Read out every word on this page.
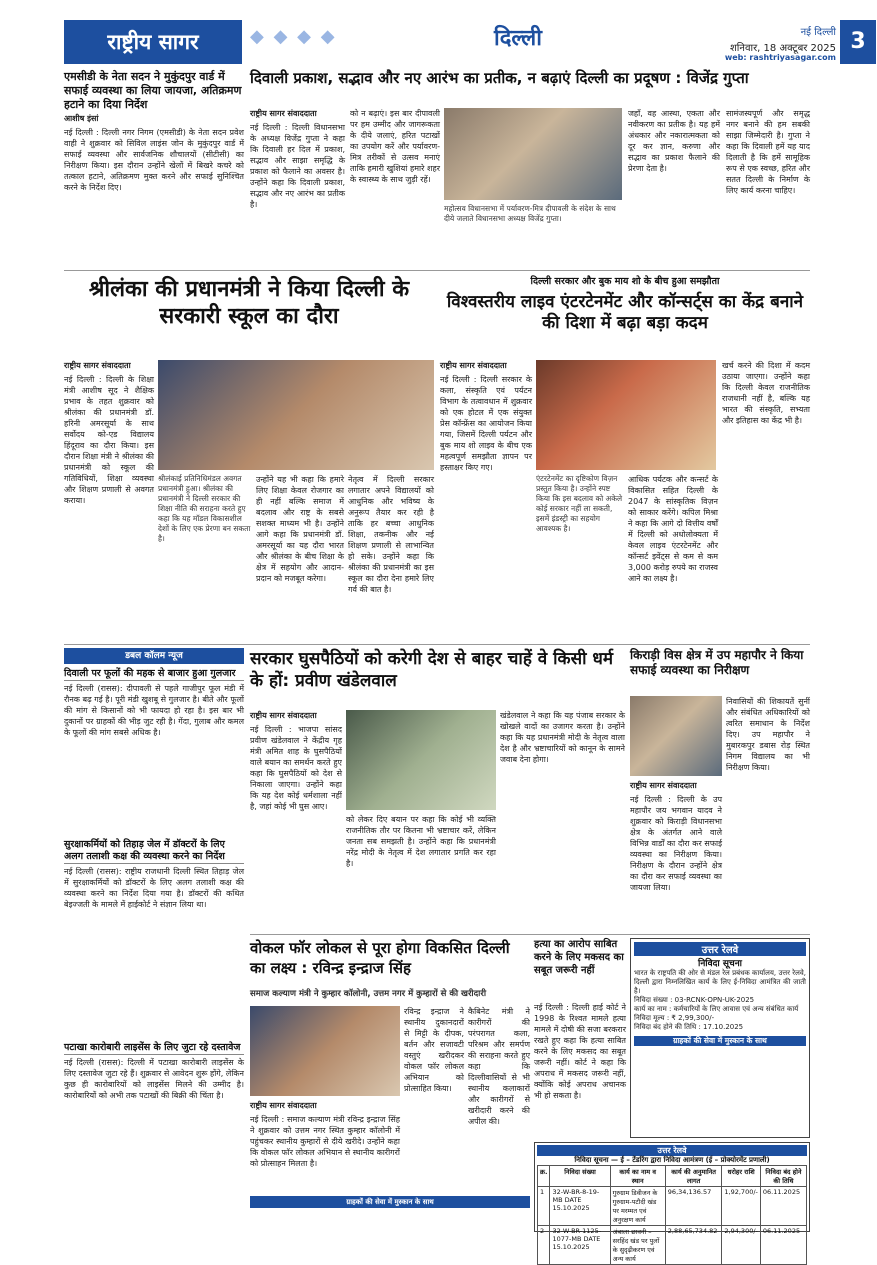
राष्ट्रीय सागर	◆ ◆ ◆ ◆	दिल्ली	नई दिल्ली
शनिवार, 18 अक्टूबर 2025
web: rashtriyasagar.com
3
एमसीडी के नेता सदन ने मुकुंदपुर वार्ड में सफाई व्यवस्था का लिया जायजा, अतिक्रमण हटाने का दिया निर्देश
आशीष इंसां
नई दिल्ली : दिल्ली नगर निगम (एमसीडी) के नेता सदन प्रवेश वाही ने शुक्रवार को सिविल लाइंस जोन के मुकुंदपुर वार्ड में सफाई व्यवस्था और सार्वजनिक शौचालयों (सीटीसी) का निरीक्षण किया। इस दौरान उन्होंने खेलों में बिखरे कचरे को तत्काल हटाने, अतिक्रमण मुक्त करने और सफाई सुनिश्चित करने के निर्देश दिए।
दिवाली प्रकाश, सद्भाव और नए आरंभ का प्रतीक, न बढ़ाएं दिल्ली का प्रदूषण : विजेंद्र गुप्ता
राष्ट्रीय सागर संवाददाता
नई दिल्ली : दिल्ली विधानसभा के अध्यक्ष विजेंद्र गुप्ता ने कहा कि दिवाली हर दिल में प्रकाश, सद्भाव और साझा समृद्धि के प्रकाश को फैलाने का अवसर है। उन्होंने कहा कि दिवाली प्रकाश, सद्भाव और नए आरंभ का प्रतीक है।
को न बढ़ाएं। इस बार दीपावली पर हम उम्मीद और जागरूकता के दीये जलाएं, हरित पटाखों का उपयोग करें और पर्यावरण-मित्र तरीकों से उत्सव मनाएं ताकि हमारी खुशियां हमारे शहर के स्वास्थ्य के साथ जुड़ी रहें।
महोत्सव विधानसभा में पर्यावरण-मित्र दीपावली के संदेश के साथ दीये जलाते विधानसभा अध्यक्ष विजेंद्र गुप्ता।
जहाँ, वह आस्था, एकता और नवीकरण का प्रतीक है। यह हमें अंधकार और नकारात्मकता को दूर कर ज्ञान, करुणा और सद्भाव का प्रकाश फैलाने की प्रेरणा देता है।
सामंजस्यपूर्ण और समृद्ध नगर बनाने की हम सबकी साझा जिम्मेदारी है। गुप्ता ने कहा कि दिवाली हमें यह याद दिलाती है कि हमें सामूहिक रूप से एक स्वच्छ, हरित और सतत दिल्ली के निर्माण के लिए कार्य करना चाहिए।
श्रीलंका की प्रधानमंत्री ने किया दिल्ली के सरकारी स्कूल का दौरा
राष्ट्रीय सागर संवाददाता
नई दिल्ली : दिल्ली के शिक्षा मंत्री आशीष सूद ने शैक्षिक प्रभाव के तहत शुक्रवार को श्रीलंका की प्रधानमंत्री डॉ. हरिनी अमरसूर्या के साथ सर्वोदय को-एड विद्यालय हिंदूराव का दौरा किया। इस दौरान शिक्षा मंत्री ने श्रीलंका की प्रधानमंत्री को स्कूल की गतिविधियों, शिक्षा व्यवस्था और शिक्षण प्रणाली से अवगत कराया।
श्रीलंकाई प्रतिनिधिमंडल अवगत प्रधानमंत्री हुआ। श्रीलंका की प्रधानमंत्री ने दिल्ली सरकार की शिक्षा नीति की सराहना करते हुए कहा कि यह मॉडल विकासशील देशों के लिए एक प्रेरणा बन सकता है।
उन्होंने यह भी कहा कि हमारे लिए शिक्षा केवल रोजगार का ही नहीं बल्कि समाज में बदलाव और राष्ट्र के सबसे सशक्त माध्यम भी है। उन्होंने आगे कहा कि प्रधानमंत्री डॉ. अमरसूर्या का यह दौरा भारत और श्रीलंका के बीच शिक्षा के क्षेत्र में सहयोग और आदान-प्रदान को मजबूत करेगा।
नेतृत्व में दिल्ली सरकार लगातार अपने विद्यालयों को आधुनिक और भविष्य के अनुरूप तैयार कर रही है ताकि हर बच्चा आधुनिक शिक्षा, तकनीक और नई शिक्षण प्रणाली से लाभान्वित हो सके। उन्होंने कहा कि श्रीलंका की प्रधानमंत्री का इस स्कूल का दौरा देना हमारे लिए गर्व की बात है।
दिल्ली सरकार और बुक माय शो के बीच हुआ समझौता
विश्वस्तरीय लाइव एंटरटेनमेंट और कॉन्सर्ट्स का केंद्र बनाने की दिशा में बढ़ा बड़ा कदम
राष्ट्रीय सागर संवाददाता
नई दिल्ली : दिल्ली सरकार के कला, संस्कृति एवं पर्यटन विभाग के तत्वावधान में शुक्रवार को एक होटल में एक संयुक्त प्रेस कॉन्फ्रेंस का आयोजन किया गया, जिसमें दिल्ली पर्यटन और बुक माय शो लाइव के बीच एक महत्वपूर्ण समझौता ज्ञापन पर हस्ताक्षर किए गए।
एंटरटेनमेंट का दृष्टिकोण विज़न प्रस्तुत किया है। उन्होंने स्पष्ट किया कि इस बदलाव को अकेले कोई सरकार नहीं ला सकती, इसमें इंडस्ट्री का सहयोग आवश्यक है।
आधिक पर्यटक और कन्सर्ट के विकासित सहित दिल्ली के 2047 के सांस्कृतिक विज़न को साकार करेंगे। कपिल मिश्रा ने कहा कि आगे दो वित्तीय वर्षों में दिल्ली को अधोलोक्यता में केवल लाइव एंटरटेनमेंट और कॉन्सर्ट इवेंट्स से कम से कम 3,000 करोड़ रुपये का राजस्व आने का लक्ष्य है।
खर्च करने की दिशा में कदम उठाया जाएगा। उन्होंने कहा कि दिल्ली केवल राजनीतिक राजधानी नहीं है, बल्कि यह भारत की संस्कृति, सभ्यता और इतिहास का केंद्र भी है।
डबल कॉलम न्यूज
दिवाली पर फूलों की महक से बाजार हुआ गुलजार
नई दिल्ली (रासस): दीपावली से पहले गाजीपुर फूल मंडी में रौनक बढ़ गई है। पूरी मंडी खुशबू से गुलजार है। बीते और फूलों की मांग से किसानों को भी फायदा हो रहा है। इस बार भी दुकानों पर ग्राहकों की भीड़ जुट रही है। गेंदा, गुलाब और कमल के फूलों की मांग सबसे अधिक है।
सुरक्षाकर्मियों को तिहाड़ जेल में डॉक्टरों के लिए अलग तलाशी कक्ष की व्यवस्था करने का निर्देश
नई दिल्ली (रासस): राष्ट्रीय राजधानी दिल्ली स्थित तिहाड़ जेल में सुरक्षाकर्मियों को डॉक्टरों के लिए अलग तलाशी कक्ष की व्यवस्था करने का निर्देश दिया गया है। डॉक्टरों की कथित बेइज्जती के मामले में हाईकोर्ट ने संज्ञान लिया था।
पटाखा कारोबारी लाइसेंस के लिए जुटा रहे दस्तावेज
नई दिल्ली (रासस): दिल्ली में पटाखा कारोबारी लाइसेंस के लिए दस्तावेज जुटा रहे हैं। शुक्रवार से आवेदन शुरू होंगे, लेकिन कुछ ही कारोबारियों को लाइसेंस मिलने की उम्मीद है। कारोबारियों को अभी तक पटाखों की बिक्री की चिंता है।
सरकार घुसपैठियों को करेगी देश से बाहर चाहें वे किसी धर्म के हों: प्रवीण खंडेलवाल
राष्ट्रीय सागर संवाददाता
नई दिल्ली : भाजपा सांसद प्रवीण खंडेलवाल ने केंद्रीय गृह मंत्री अमित शाह के घुसपैठियों वाले बयान का समर्थन करते हुए कहा कि घुसपैठियों को देश से निकाला जाएगा। उन्होंने कहा कि यह देश कोई धर्मशाला नहीं है, जहां कोई भी घुस आए।
को लेकर दिए बयान पर कहा कि कोई भी व्यक्ति राजनीतिक तौर पर कितना भी भ्रष्टाचार करें, लेकिन जनता सब समझती है। उन्होंने कहा कि प्रधानमंत्री नरेंद्र मोदी के नेतृत्व में देश लगातार प्रगति कर रहा है।
खंडेलवाल ने कहा कि यह पंजाब सरकार के खोखले वादों का उजागर करता है। उन्होंने कहा कि यह प्रधानमंत्री मोदी के नेतृत्व वाला देश है और भ्रष्टाचारियों को कानून के सामने जवाब देना होगा।
किराड़ी विस क्षेत्र में उप महापौर ने किया सफाई व्यवस्था का निरीक्षण
निवासियों की शिकायतें सुनीं और संबंधित अधिकारियों को त्वरित समाधान के निर्देश दिए। उप महापौर ने मुबारकपुर डबास रोड़ स्थित निगम विद्यालय का भी निरीक्षण किया।
राष्ट्रीय सागर संवाददाता
नई दिल्ली : दिल्ली के उप महापौर जय भगवान यादव ने शुक्रवार को किराड़ी विधानसभा क्षेत्र के अंतर्गत आने वाले विभिन्न वार्डों का दौरा कर सफाई व्यवस्था का निरीक्षण किया। निरीक्षण के दौरान उन्होंने क्षेत्र का दौरा कर सफाई व्यवस्था का जायजा लिया।
वोकल फॉर लोकल से पूरा होगा विकसित दिल्ली का लक्ष्य : रविन्द्र इन्द्राज सिंह
समाज कल्याण मंत्री ने कुम्हार कॉलोनी, उत्तम नगर में कुम्हारों से की खरीदारी
राष्ट्रीय सागर संवाददाता
नई दिल्ली : समाज कल्याण मंत्री रविन्द्र इन्द्राज सिंह ने शुक्रवार को उत्तम नगर स्थित कुम्हार कॉलोनी में पहुंचकर स्थानीय कुम्हारों से दीये खरीदे। उन्होंने कहा कि वोकल फॉर लोकल अभियान से स्थानीय कारीगरों को प्रोत्साहन मिलता है।
रविन्द्र इन्द्राज ने स्थानीय दुकानदारों से मिट्टी के दीपक, बर्तन और सजावटी वस्तुएं खरीदकर वोकल फॉर लोकल अभियान को प्रोत्साहित किया।
कैबिनेट मंत्री ने कारीगरों की परंपरागत कला, परिश्रम और समर्पण की सराहना करते हुए कहा कि दिल्लीवासियों से भी स्थानीय कलाकारों और कारीगरों से खरीदारी करने की अपील की।
हत्या का आरोप साबित करने के लिए मकसद का सबूत जरूरी नहीं
नई दिल्ली : दिल्ली हाई कोर्ट ने 1998 के रिश्वत मामले हत्या मामले में दोषी की सजा बरकरार रखते हुए कहा कि हत्या साबित करने के लिए मकसद का सबूत जरूरी नहीं। कोर्ट ने कहा कि अपराध में मकसद जरूरी नहीं, क्योंकि कोई अपराध अचानक भी हो सकता है।
उत्तर रेलवे
निविदा सूचना
भारत के राष्ट्रपति की ओर से मंडल रेल प्रबंधक कार्यालय, उत्तर रेलवे, दिल्ली द्वारा निम्नलिखित कार्य के लिए ई-निविदा आमंत्रित की जाती है।
निविदा संख्या : 03-RCNK-OPN-UK-2025
कार्य का नाम : कर्मचारियों के लिए आवास एवं अन्य संबंधित कार्य
निविदा मूल्य : ₹ 2,99,300/-
निविदा बंद होने की तिथि : 17.10.2025
ग्राहकों की सेवा में मुस्कान के साथ
उत्तर रेलवे
निविदा सूचना — ई – टेंडरिंग द्वारा निविदा आमंत्रण (ई – प्रोक्योरमेंट प्रणाली)
क्र.	निविदा संख्या	कार्य का नाम व स्थान	कार्य की अनुमानित लागत	धरोहर राशि	निविदा बंद होने की तिथि
1	32-W-BR-8-19-MB DATE 15.10.2025	गुरुग्राम डिवीजन के गुरुग्राम-पटौदी खंड पर मरम्मत एवं अनुरक्षण कार्य	96,34,136.57	1,92,700/-	06.11.2025
2	32-W-BR-1125-1077-MB DATE 15.10.2025	अंबाला छावनी – सरहिंद खंड पर पुलों के सुदृढ़ीकरण एवं अन्य कार्य	2,88,65,734.82	2,94,300/-	06.11.2025
ग्राहकों की सेवा में मुस्कान के साथ
